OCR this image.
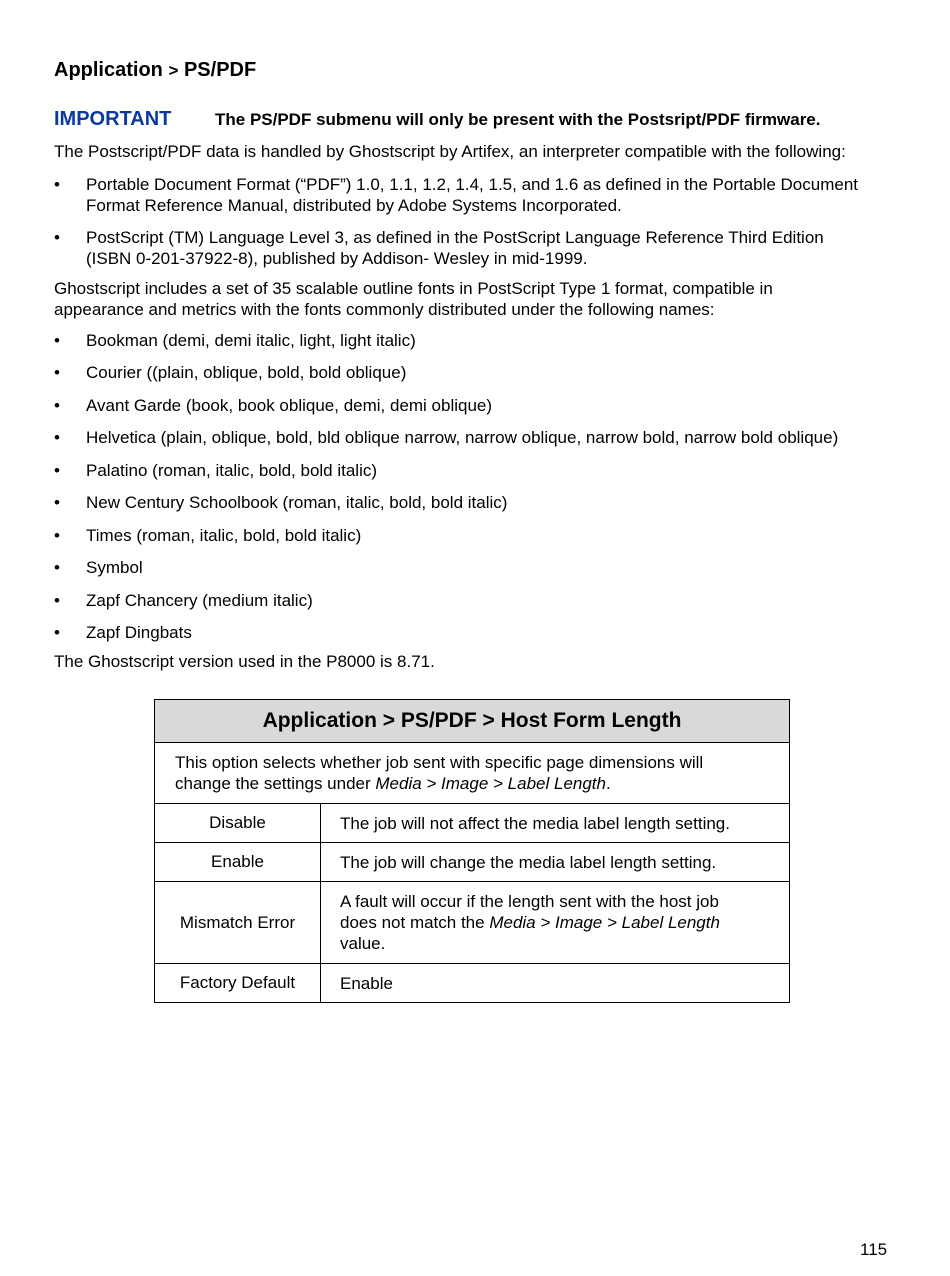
Application > PS/PDF
IMPORTANT	The PS/PDF submenu will only be present with the Postsript/PDF firmware.
The Postscript/PDF data is handled by Ghostscript by Artifex, an interpreter compatible with the following:
• Portable Document Format (“PDF”) 1.0, 1.1, 1.2, 1.4, 1.5, and 1.6 as defined in the Portable Document
Format Reference Manual, distributed by Adobe Systems Incorporated.
• PostScript (TM) Language Level 3, as defined in the PostScript Language Reference Third Edition
(ISBN 0-201-37922-8), published by Addison- Wesley in mid-1999.
Ghostscript includes a set of 35 scalable outline fonts in PostScript Type 1 format, compatible in
appearance and metrics with the fonts commonly distributed under the following names:
• Bookman (demi, demi italic, light, light italic)
• Courier ((plain, oblique, bold, bold oblique)
• Avant Garde (book, book oblique, demi, demi oblique)
• Helvetica (plain, oblique, bold, bld oblique narrow, narrow oblique, narrow bold, narrow bold oblique)
• Palatino (roman, italic, bold, bold italic)
• New Century Schoolbook (roman, italic, bold, bold italic)
• Times (roman, italic, bold, bold italic)
• Symbol
• Zapf Chancery (medium italic)
• Zapf Dingbats
The Ghostscript version used in the P8000 is 8.71.
Application > PS/PDF > Host Form Length	

This option selects whether job sent with specific page dimensions will
change the settings under Media > Image > Label Length.	

Disable	The job will not affect the media label length setting.
Enable	The job will change the media label length setting.
Mismatch Error	A fault will occur if the length sent with the host job
does not match the Media > Image > Label Length
value.

Factory Default	Enable
115
